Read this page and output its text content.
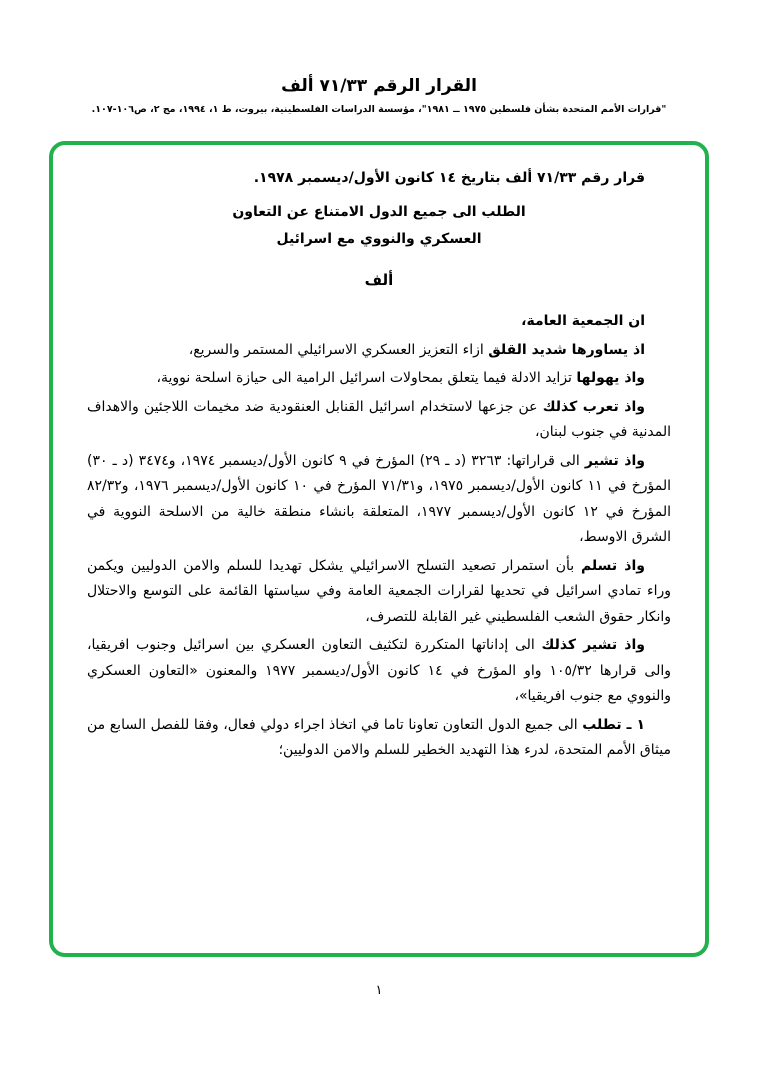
القرار الرقم ٧١/٣٣ ألف
"قرارات الأمم المتحدة بشأن فلسطين ١٩٧٥ ــ ١٩٨١"، مؤسسة الدراسات الفلسطينية، بيروت، ط ١، ١٩٩٤، مج ٢، ص١٠٦-١٠٧.

قرار رقم ٧١/٣٣ ألف بتاريخ ١٤ كانون الأول/ديسمبر ١٩٧٨.

الطلب الى جميع الدول الامتناع عن التعاون
العسكري والنووي مع اسرائيل
ألف

ان الجمعية العامة،

اذ يساورها شديد القلق ازاء التعزيز العسكري الاسرائيلي المستمر والسريع،

واذ يهولها تزايد الادلة فيما يتعلق بمحاولات اسرائيل الرامية الى حيازة اسلحة نووية،

واذ تعرب كذلك عن جزعها لاستخدام اسرائيل القنابل العنقودية ضد مخيمات اللاجئين والاهداف المدنية في جنوب لبنان،

واذ تشير الى قراراتها: ٣٢٦٣ (د ـ ٢٩) المؤرخ في ٩ كانون الأول/ديسمبر ١٩٧٤، و٣٤٧٤ (د ـ ٣٠) المؤرخ في ١١ كانون الأول/ديسمبر ١٩٧٥، و٧١/٣١ المؤرخ في ١٠ كانون الأول/ديسمبر ١٩٧٦، و٨٢/٣٢ المؤرخ في ١٢ كانون الأول/ديسمبر ١٩٧٧، المتعلقة بانشاء منطقة خالية من الاسلحة النووية في الشرق الاوسط،

واذ تسلم بأن استمرار تصعيد التسلح الاسرائيلي يشكل تهديدا للسلم والامن الدوليين ويكمن وراء تمادي اسرائيل في تحديها لقرارات الجمعية العامة وفي سياستها القائمة على التوسع والاحتلال وانكار حقوق الشعب الفلسطيني غير القابلة للتصرف،

واذ تشير كذلك الى إداناتها المتكررة لتكثيف التعاون العسكري بين اسرائيل وجنوب افريقيا، والى قرارها ١٠٥/٣٢ واو المؤرخ في ١٤ كانون الأول/ديسمبر ١٩٧٧ والمعنون «التعاون العسكري والنووي مع جنوب افريقيا»،

١ ـ تطلب الى جميع الدول التعاون تعاونا تاما في اتخاذ اجراء دولي فعال، وفقا للفصل السابع من ميثاق الأمم المتحدة، لدرء هذا التهديد الخطير للسلم والامن الدوليين؛

١
